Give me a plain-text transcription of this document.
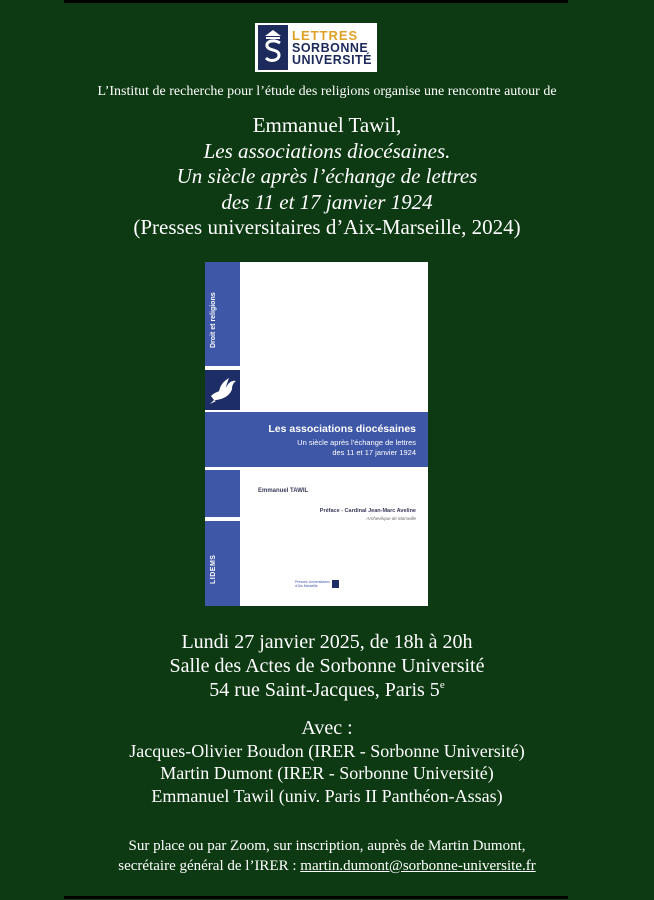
LETTRES
SORBONNE
UNIVERSITÉ
L’Institut de recherche pour l’étude des religions organise une rencontre autour de
Emmanuel Tawil,
Les associations diocésaines.
Un siècle après l’échange de lettres
des 11 et 17 janvier 1924
(Presses universitaires d’Aix-Marseille, 2024)
Droit et religions
Les associations diocésaines
Un siècle après l’échange de lettres
des 11 et 17 janvier 1924
LIDEMS
Emmanuel TAWIL
Préface - Cardinal Jean-Marc Aveline
Archevêque de Marseille
Presses Universitaires
d’Aix-Marseille
Lundi 27 janvier 2025, de 18h à 20h
Salle des Actes de Sorbonne Université
54 rue Saint-Jacques, Paris 5e
Avec :
Jacques-Olivier Boudon (IRER - Sorbonne Université)
Martin Dumont (IRER - Sorbonne Université)
Emmanuel Tawil (univ. Paris II Panthéon-Assas)
Sur place ou par Zoom, sur inscription, auprès de Martin Dumont,
secrétaire général de l’IRER : martin.dumont@sorbonne-universite.fr
